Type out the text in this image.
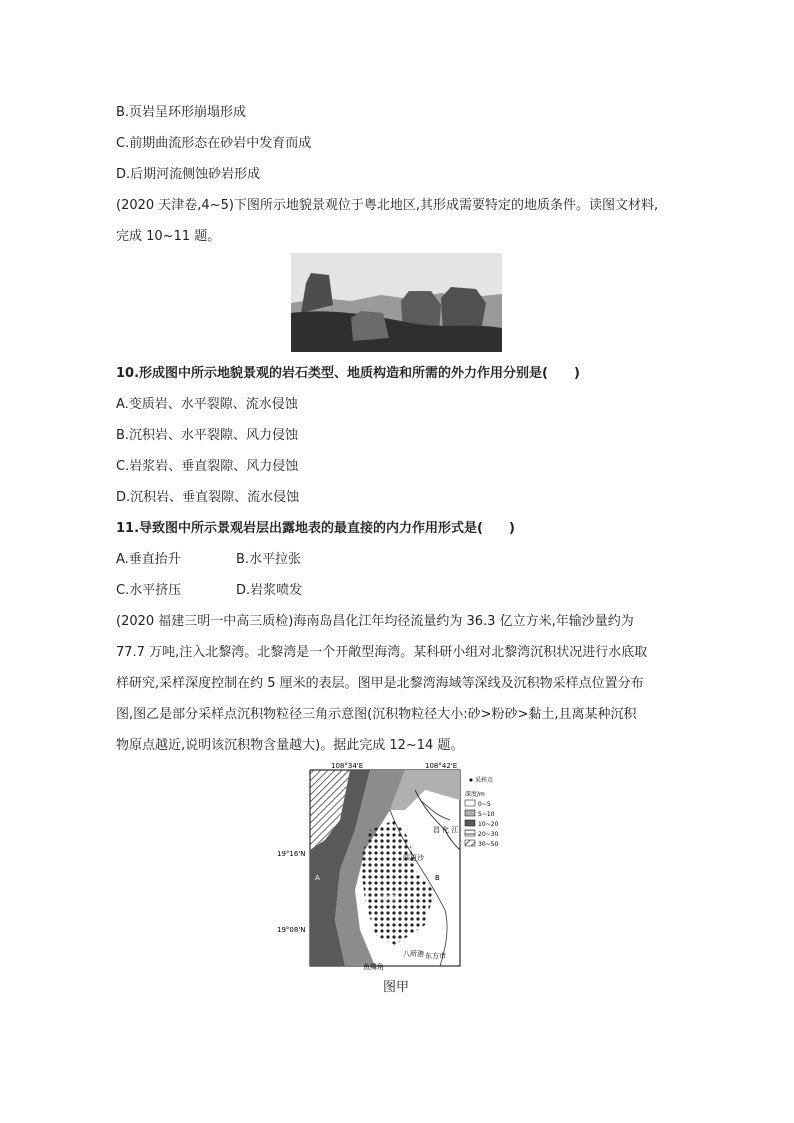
B.页岩呈环形崩塌形成
C.前期曲流形态在砂岩中发育而成
D.后期河流侧蚀砂岩形成
(2020 天津卷,4~5)下图所示地貌景观位于粤北地区,其形成需要特定的地质条件。读图文材料,
完成 10~11 题。
10.形成图中所示地貌景观的岩石类型、地质构造和所需的外力作用分别是(　　)
A.变质岩、水平裂隙、流水侵蚀
B.沉积岩、水平裂隙、风力侵蚀
C.岩浆岩、垂直裂隙、风力侵蚀
D.沉积岩、垂直裂隙、流水侵蚀
11.导致图中所示景观岩层出露地表的最直接的内力作用形式是(　　)
A.垂直抬升	B.水平拉张
C.水平挤压	D.岩浆喷发
(2020 福建三明一中高三质检)海南岛昌化江年均径流量约为 36.3 亿立方米,年输沙量约为
77.7 万吨,注入北黎湾。北黎湾是一个开敞型海湾。某科研小组对北黎湾沉积状况进行水底取
样研究,采样深度控制在约 5 厘米的表层。图甲是北黎湾海域等深线及沉积物采样点位置分布
图,图乙是部分采样点沉积物粒径三角示意图(沉积物粒径大小:砂>粉砂>黏土,且离某种沉积
物原点越近,说明该沉积物含量越大)。据此完成 12~14 题。
108°34'E	108°42'E
19°16'N
19°08'N
昌 化 江
四更沙
北黎湾
八所港 东方市
A	B
鱼鳞角
采样点
深度/m
0~5
5~10
10~20
20~30
30~50
图甲
